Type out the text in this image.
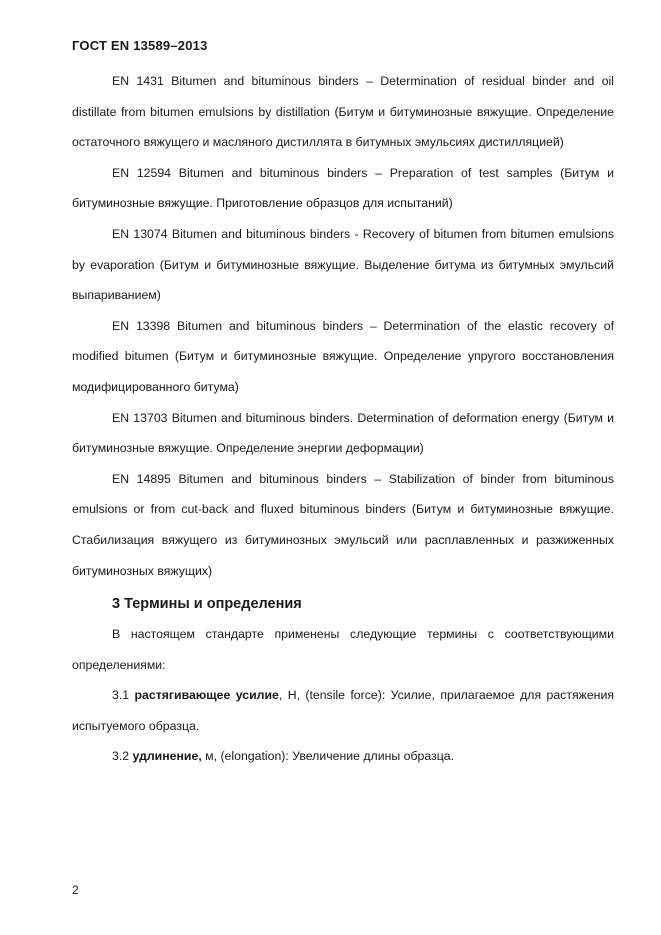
ГОСТ EN 13589–2013

EN 1431 Bitumen and bituminous binders – Determination of residual binder and oil distillate from bitumen emulsions by distillation (Битум и битуминозные вяжущие. Определение остаточного вяжущего и масляного дистиллята в битумных эмульсиях дистилляцией)

EN 12594 Bitumen and bituminous binders – Preparation of test samples (Битум и битуминозные вяжущие. Приготовление образцов для испытаний)

EN 13074 Bitumen and bituminous binders - Recovery of bitumen from bitumen emulsions by evaporation (Битум и битуминозные вяжущие. Выделение битума из битумных эмульсий выпариванием)

EN 13398 Bitumen and bituminous binders – Determination of the elastic recovery of modified bitumen (Битум и битуминозные вяжущие. Определение упругого восстановления модифицированного битума)

EN 13703 Bitumen and bituminous binders. Determination of deformation energy (Битум и битуминозные вяжущие. Определение энергии деформации)

EN 14895 Bitumen and bituminous binders – Stabilization of binder from bituminous emulsions or from cut-back and fluxed bituminous binders (Битум и битуминозные вяжущие. Стабилизация вяжущего из битуминозных эмульсий или расплавленных и разжиженных битуминозных вяжущих)

3 Термины и определения

В настоящем стандарте применены следующие термины с соответствующими определениями:

3.1 растягивающее усилие, Н, (tensile force): Усилие, прилагаемое для растяжения испытуемого образца.

3.2 удлинение, м, (elongation): Увеличение длины образца.

2
